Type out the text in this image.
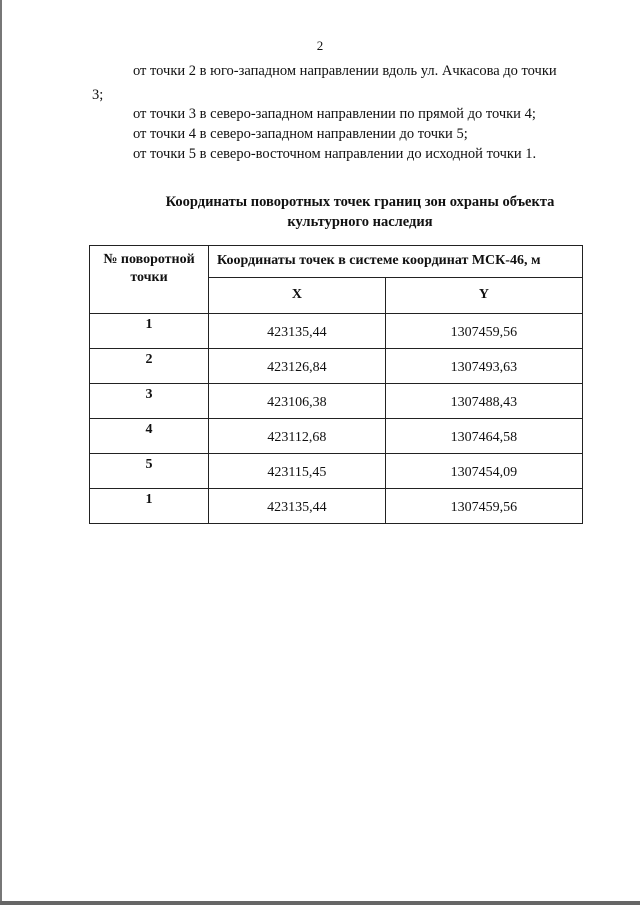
2
от точки 2 в юго-западном направлении вдоль ул. Ачкасова до точки
3;
от точки 3 в северо-западном направлении по прямой до точки 4;
от точки 4 в северо-западном направлении до точки 5;
от точки 5 в северо-восточном направлении до исходной точки 1.
Координаты поворотных точек границ зон охраны объекта
культурного наследия
№ поворотной
точки	Координаты точек в системе координат МСК-46, м	
	X	Y
1	423135,44	1307459,56
2	423126,84	1307493,63
3	423106,38	1307488,43
4	423112,68	1307464,58
5	423115,45	1307454,09
1	423135,44	1307459,56
